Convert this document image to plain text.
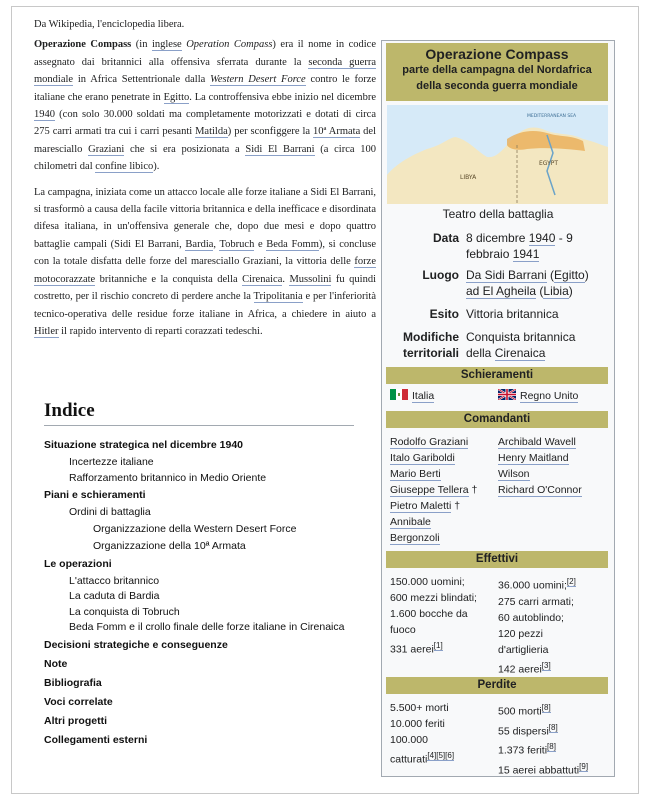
Da Wikipedia, l'enciclopedia libera.

Operazione Compass (in inglese Operation Compass) era il nome in codice assegnato dai britannici alla offensiva sferrata durante la seconda guerra mondiale in Africa Settentrionale dalla Western Desert Force contro le forze italiane che erano penetrate in Egitto. La controffensiva ebbe inizio nel dicembre 1940 (con solo 30.000 soldati ma completamente motorizzati e dotati di circa 275 carri armati tra cui i carri pesanti Matilda) per sconfiggere la 10ª Armata del maresciallo Graziani che si era posizionata a Sidi El Barrani (a circa 100 chilometri dal confine libico).

La campagna, iniziata come un attacco locale alle forze italiane a Sidi El Barrani, si trasformò a causa della facile vittoria britannica e della inefficace e disordinata difesa italiana, in un'offensiva generale che, dopo due mesi e dopo quattro battaglie campali (Sidi El Barrani, Bardia, Tobruch e Beda Fomm), si concluse con la totale disfatta delle forze del maresciallo Graziani, la vittoria delle forze motocorazzate britanniche e la conquista della Cirenaica. Mussolini fu quindi costretto, per il rischio concreto di perdere anche la Tripolitania e per l'inferiorità tecnico-operativa delle residue forze italiane in Africa, a chiedere in aiuto a Hitler il rapido intervento di reparti corazzati tedeschi.

Indice
Situazione strategica nel dicembre 1940
Incertezze italiane
Rafforzamento britannico in Medio Oriente
Piani e schieramenti
Ordini di battaglia
Organizzazione della Western Desert Force
Organizzazione della 10ª Armata
Le operazioni
L'attacco britannico
La caduta di Bardia
La conquista di Tobruch
Beda Fomm e il crollo finale delle forze italiane in Cirenaica
Decisioni strategiche e conseguenze
Note
Bibliografia
Voci correlate
Altri progetti
Collegamenti esterni
Operazione Compass
parte della campagna del Nordafrica
della seconda guerra mondiale
MEDITERRANEAN SEA
LIBYA
EGYPT
Teatro della battaglia
Data 8 dicembre 1940 - 9
febbraio 1941
Luogo Da Sidi Barrani (Egitto)
ad El Agheila (Libia)
Esito Vittoria britannica
Modifiche
territoriali
Conquista britannica
della Cirenaica
Schieramenti
Italia	Regno Unito
Comandanti
Rodolfo Graziani
Italo Gariboldi
Mario Berti
Giuseppe Tellera †
Pietro Maletti †
Annibale Bergonzoli
Archibald Wavell
Henry Maitland Wilson
Richard O'Connor
Effettivi
150.000 uomini;
600 mezzi blindati;
1.600 bocche da fuoco
331 aerei[1]
36.000 uomini;[2]
275 carri armati;
60 autoblindo;
120 pezzi d'artiglieria
142 aerei[3]
Perdite
5.500+ morti
10.000 feriti
100.000
catturati[4][5][6]
500 morti[8]
55 dispersi[8]
1.373 feriti[8]
15 aerei abbattuti[9]
